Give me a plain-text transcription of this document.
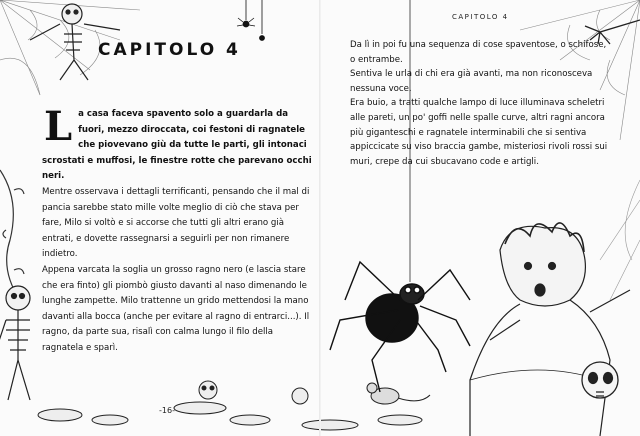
CAPITOLO 4

L a casa faceva spavento solo a guardarla da fuori, mezzo diroccata, coi festoni di ragnatele che piovevano giù da tutte le parti, gli intonaci scrostati e muffosi, le finestre rotte che parevano occhi neri.

Mentre osservava i dettagli terrificanti, pensando che il mal di pancia sarebbe stato mille volte meglio di ciò che stava per fare, Milo si voltò e si accorse che tutti gli altri erano già entrati, e dovette rassegnarsi a seguirli per non rimanere indietro.

Appena varcata la soglia un grosso ragno nero (e lascia stare che era finto) gli piombò giusto davanti al naso dimenando le lunghe zampette. Milo trattenne un grido mettendosi la mano davanti alla bocca (anche per evitare al ragno di entrarci...). Il ragno, da parte sua, risalì con calma lungo il filo della ragnatela e sparì.

-16-
CAPITOLO 4

Da lì in poi fu una sequenza di cose spaventose, o schifose, o entrambe.

Sentiva le urla di chi era già avanti, ma non riconosceva nessuna voce.

Era buio, a tratti qualche lampo di luce illuminava scheletri alle pareti, un po' goffi nelle spalle curve, altri ragni ancora più giganteschi e ragnatele interminabili che si sentiva appiccicate su viso braccia gambe, misteriosi rivoli rossi sui muri, crepe da cui sbucavano code e artigli.
